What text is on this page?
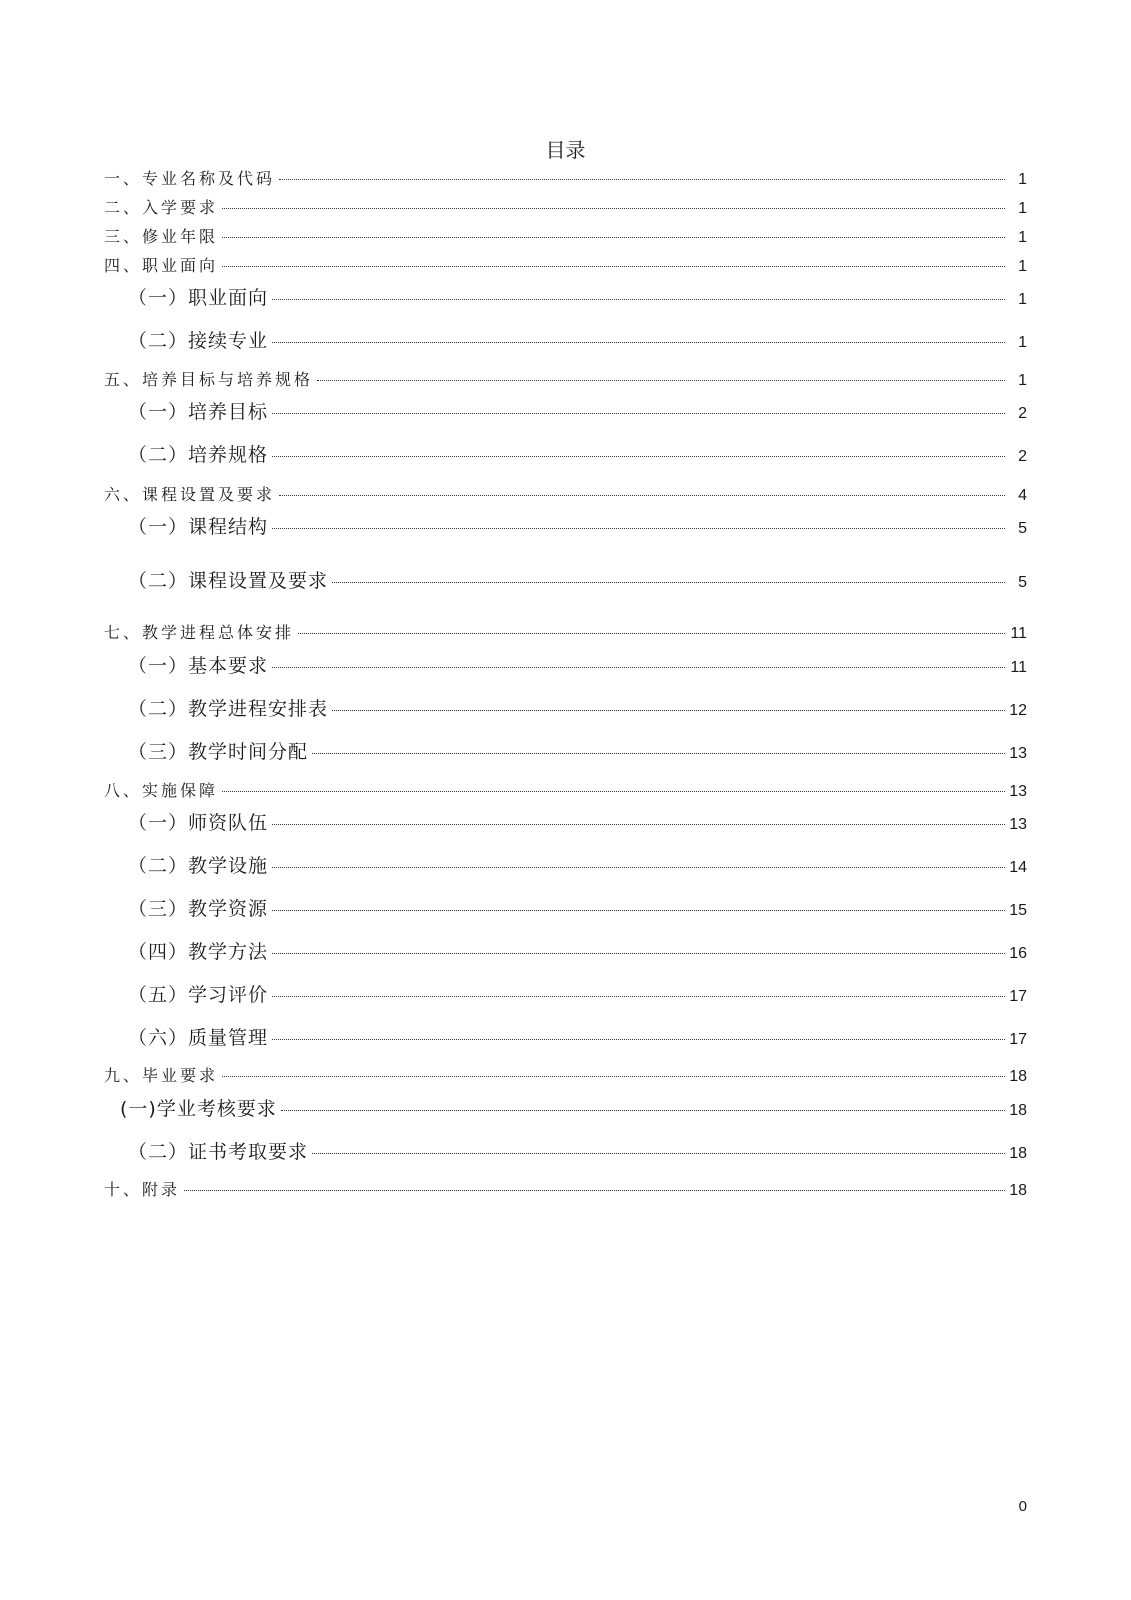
目录
一、专业名称及代码	1
二、入学要求	1
三、修业年限	1
四、职业面向	1
（一）职业面向	1
（二）接续专业	1
五、培养目标与培养规格	1
（一）培养目标	2
（二）培养规格	2
六、课程设置及要求	4
（一）课程结构	5
（二）课程设置及要求	5
七、教学进程总体安排	11
（一）基本要求	11
（二）教学进程安排表	12
（三）教学时间分配	13
八、实施保障	13
（一）师资队伍	13
（二）教学设施	14
（三）教学资源	15
（四）教学方法	16
（五）学习评价	17
（六）质量管理	17
九、毕业要求	18
(一)学业考核要求	18
（二）证书考取要求	18
十、附录	18
0
